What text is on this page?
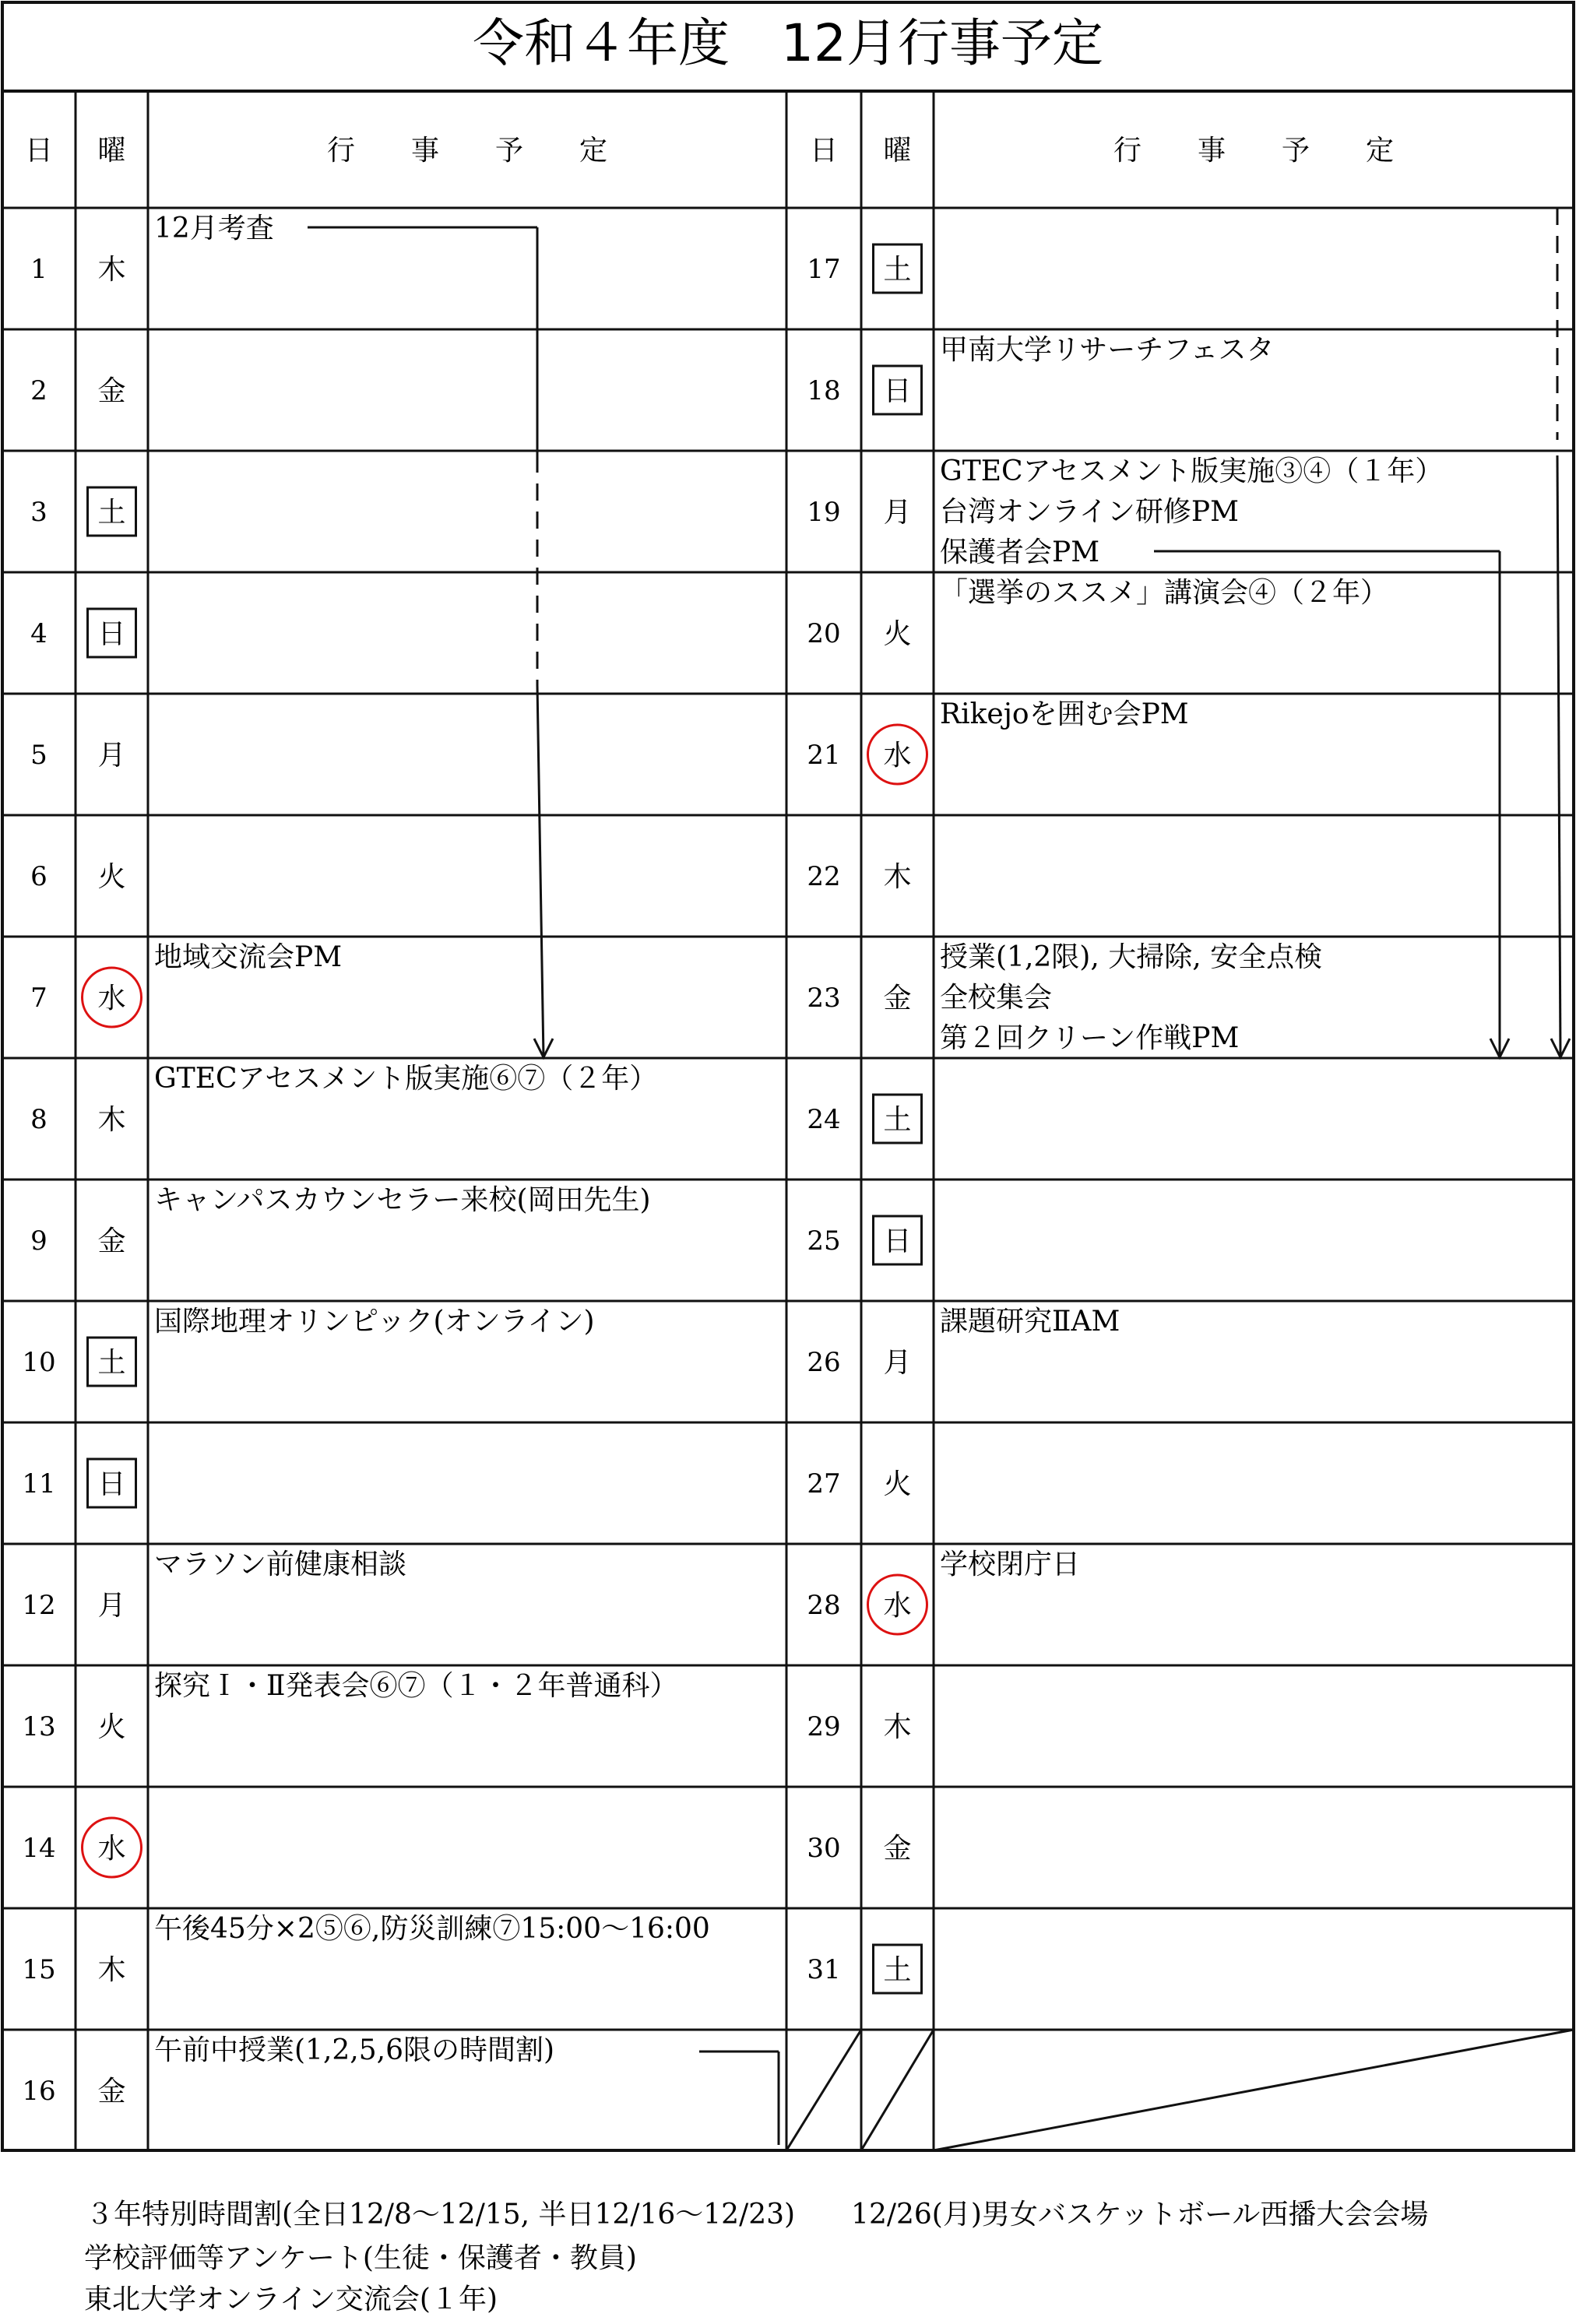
令和４年度　12月行事予定
日 曜	日 曜
行　　事　　予　　定	行　　事　　予　　定
1 木
12月考査
2 金
3 土
4 日
5 月
6 火
7 水
地域交流会PM
8 木
GTECアセスメント版実施⑥⑦（２年）
9 金
キャンパスカウンセラー来校(岡田先生)
10 土
国際地理オリンピック(オンライン)
11 日
12 月
マラソン前健康相談
13 火
探究Ｉ・Ⅱ発表会⑥⑦（１・２年普通科）
14 水
15 木
午後45分×2⑤⑥,防災訓練⑦15:00～16:00
16 金
午前中授業(1,2,5,6限の時間割)
17 土
18 日
甲南大学リサーチフェスタ
19 月
GTECアセスメント版実施③④（１年）
台湾オンライン研修PM
保護者会PM
20 火
「選挙のススメ」講演会④（２年）
21 水
Rikejoを囲む会PM
22 木
23 金
授業(1,2限), 大掃除, 安全点検
全校集会
第２回クリーン作戦PM
24 土
25 日
26 月
課題研究ⅡAM
27 火
28 水
学校閉庁日
29 木
30 金
31 土
３年特別時間割(全日12/8～12/15, 半日12/16～12/23)　　12/26(月)男女バスケットボール西播大会会場
学校評価等アンケート(生徒・保護者・教員)
東北大学オンライン交流会(１年)
